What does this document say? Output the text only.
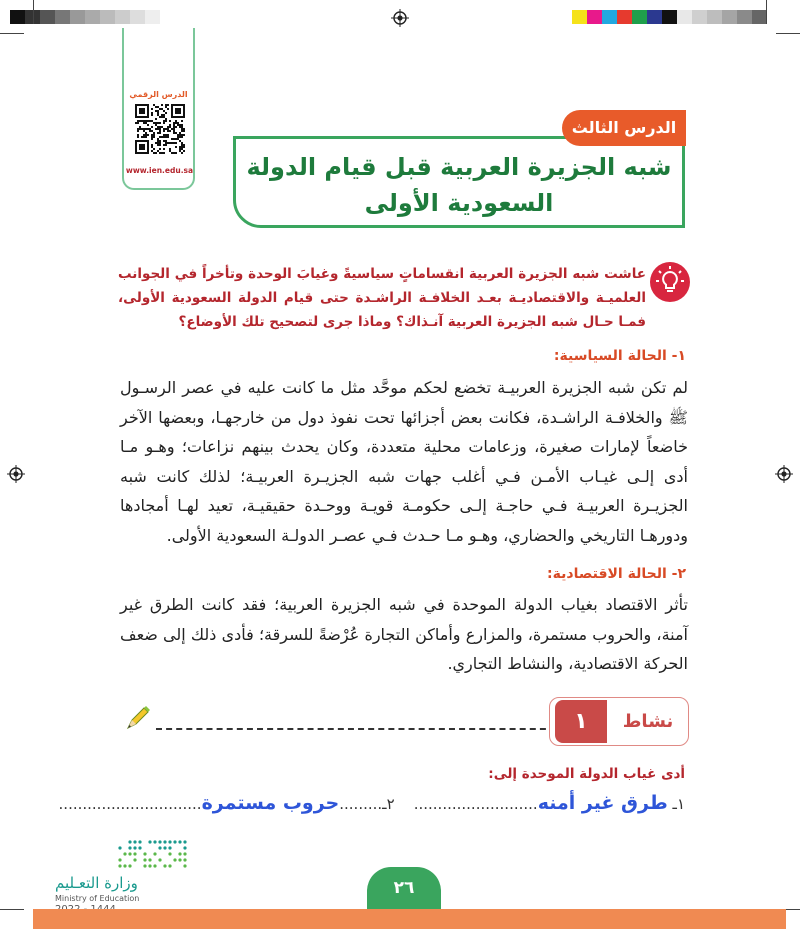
الدرس الرقمي
www.ien.edu.sa	شبه الجزيرة العربية قبل قيام الدولة
السعودية الأولى
الدرس الثالث
عاشت شبه الجزيرة العربية انقساماتٍ سياسيةً وغيابَ الوحدة وتأخراً في الجوانب العلميـة والاقتصاديـة بعـد الخلافـة الراشـدة حتى قيام الدولة السعودية الأولى، فمـا حـال شبه الجزيرة العربية آنـذاك؟ وماذا جرى لتصحيح تلك الأوضاع؟
١- الحالة السياسية:
لم تكن شبه الجزيرة العربيـة تخضع لحكم موحَّد مثل ما كانت عليه في عصر الرسـول ﷺ والخلافـة الراشـدة، فكانت بعض أجزائها تحت نفوذ دول من خارجهـا، وبعضها الآخر خاضعاً لإمارات صغيرة، وزعامات محلية متعددة، وكان يحدث بينهم نزاعات؛ وهـو مـا أدى إلـى غيـاب الأمـن فـي أغلب جهات شبه الجزيـرة العربيـة؛ لذلك كانت شبه الجزيـرة العربيـة فـي حاجـة إلـى حكومـة قويـة ووحـدة حقيقيـة، تعيد لهـا أمجادها ودورهـا التاريخي والحضاري، وهـو مـا حـدث فـي عصـر الدولـة السعودية الأولى.
٢- الحالة الاقتصادية:
تأثر الاقتصاد بغياب الدولة الموحدة في شبه الجزيرة العربية؛ فقد كانت الطرق غير آمنة، والحروب مستمرة، والمزارع وأماكن التجارة عُرْضةً للسرقة؛ فأدى ذلك إلى ضعف الحركة الاقتصادية، والنشاط التجاري.
١	نشاط
أدى غياب الدولة الموحدة إلى:
١ـ طرق غير أمنه..........................    ٢ـ.........حروب مستمرة..............................
وزارة التعـليم
Ministry of Education
٢٦
